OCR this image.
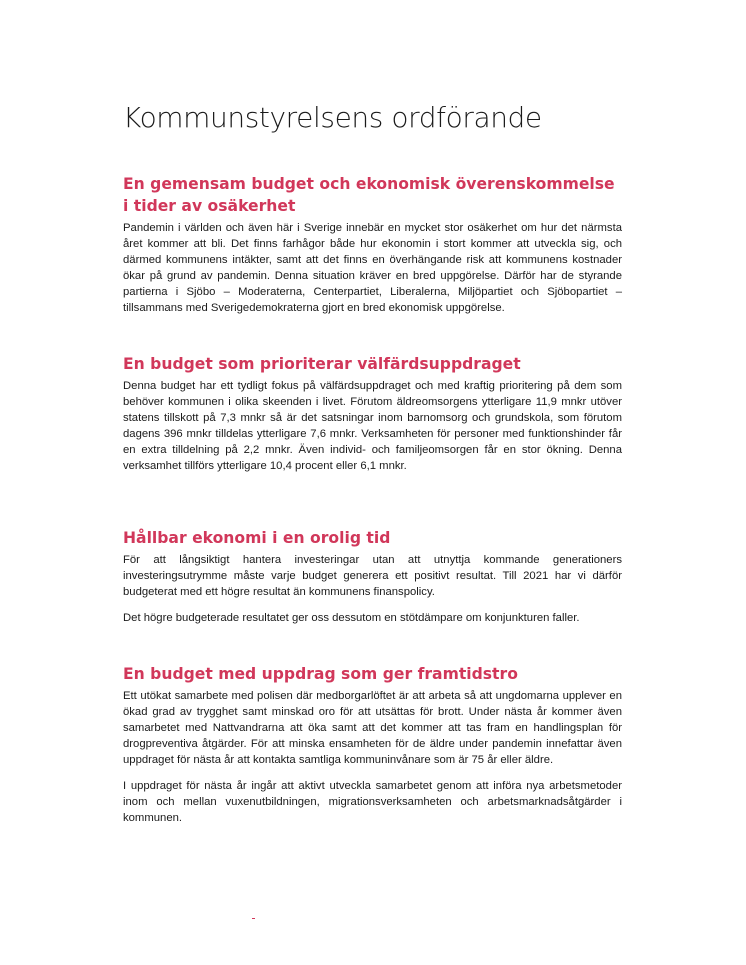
Kommunstyrelsens ordförande
En gemensam budget och ekonomisk överenskommelse i tider av osäkerhet

Pandemin i världen och även här i Sverige innebär en mycket stor osäkerhet om hur det närmsta året kommer att bli. Det finns farhågor både hur ekonomin i stort kommer att utveckla sig, och därmed kommunens intäkter, samt att det finns en överhängande risk att kommunens kostnader ökar på grund av pandemin. Denna situation kräver en bred uppgörelse. Därför har de styrande partierna i Sjöbo – Moderaterna, Centerpartiet, Liberalerna, Miljöpartiet och Sjöbopartiet – tillsammans med Sverigedemokraterna gjort en bred ekonomisk uppgörelse.

En budget som prioriterar välfärdsuppdraget

Denna budget har ett tydligt fokus på välfärdsuppdraget och med kraftig prioritering på dem som behöver kommunen i olika skeenden i livet. Förutom äldreomsorgens ytterligare 11,9 mnkr utöver statens tillskott på 7,3 mnkr så är det satsningar inom barnomsorg och grundskola, som förutom dagens 396 mnkr tilldelas ytterligare 7,6 mnkr. Verksamheten för personer med funktionshinder får en extra tilldelning på 2,2 mnkr. Även individ- och familjeomsorgen får en stor ökning. Denna verksamhet tillförs ytterligare 10,4 procent eller 6,1 mnkr.

Hållbar ekonomi i en orolig tid

För att långsiktigt hantera investeringar utan att utnyttja kommande generationers investeringsutrymme måste varje budget generera ett positivt resultat. Till 2021 har vi därför budgeterat med ett högre resultat än kommunens finanspolicy.

Det högre budgeterade resultatet ger oss dessutom en stötdämpare om konjunkturen faller.

En budget med uppdrag som ger framtidstro

Ett utökat samarbete med polisen där medborgarlöftet är att arbeta så att ungdomarna upplever en ökad grad av trygghet samt minskad oro för att utsättas för brott. Under nästa år kommer även samarbetet med Nattvandrarna att öka samt att det kommer att tas fram en handlingsplan för drogpreventiva åtgärder. För att minska ensamheten för de äldre under pandemin innefattar även uppdraget för nästa år att kontakta samtliga kommuninvånare som är 75 år eller äldre.

I uppdraget för nästa år ingår att aktivt utveckla samarbetet genom att införa nya arbetsmetoder inom och mellan vuxenutbildningen, migrationsverksamheten och arbetsmarknadsåtgärder i kommunen.
